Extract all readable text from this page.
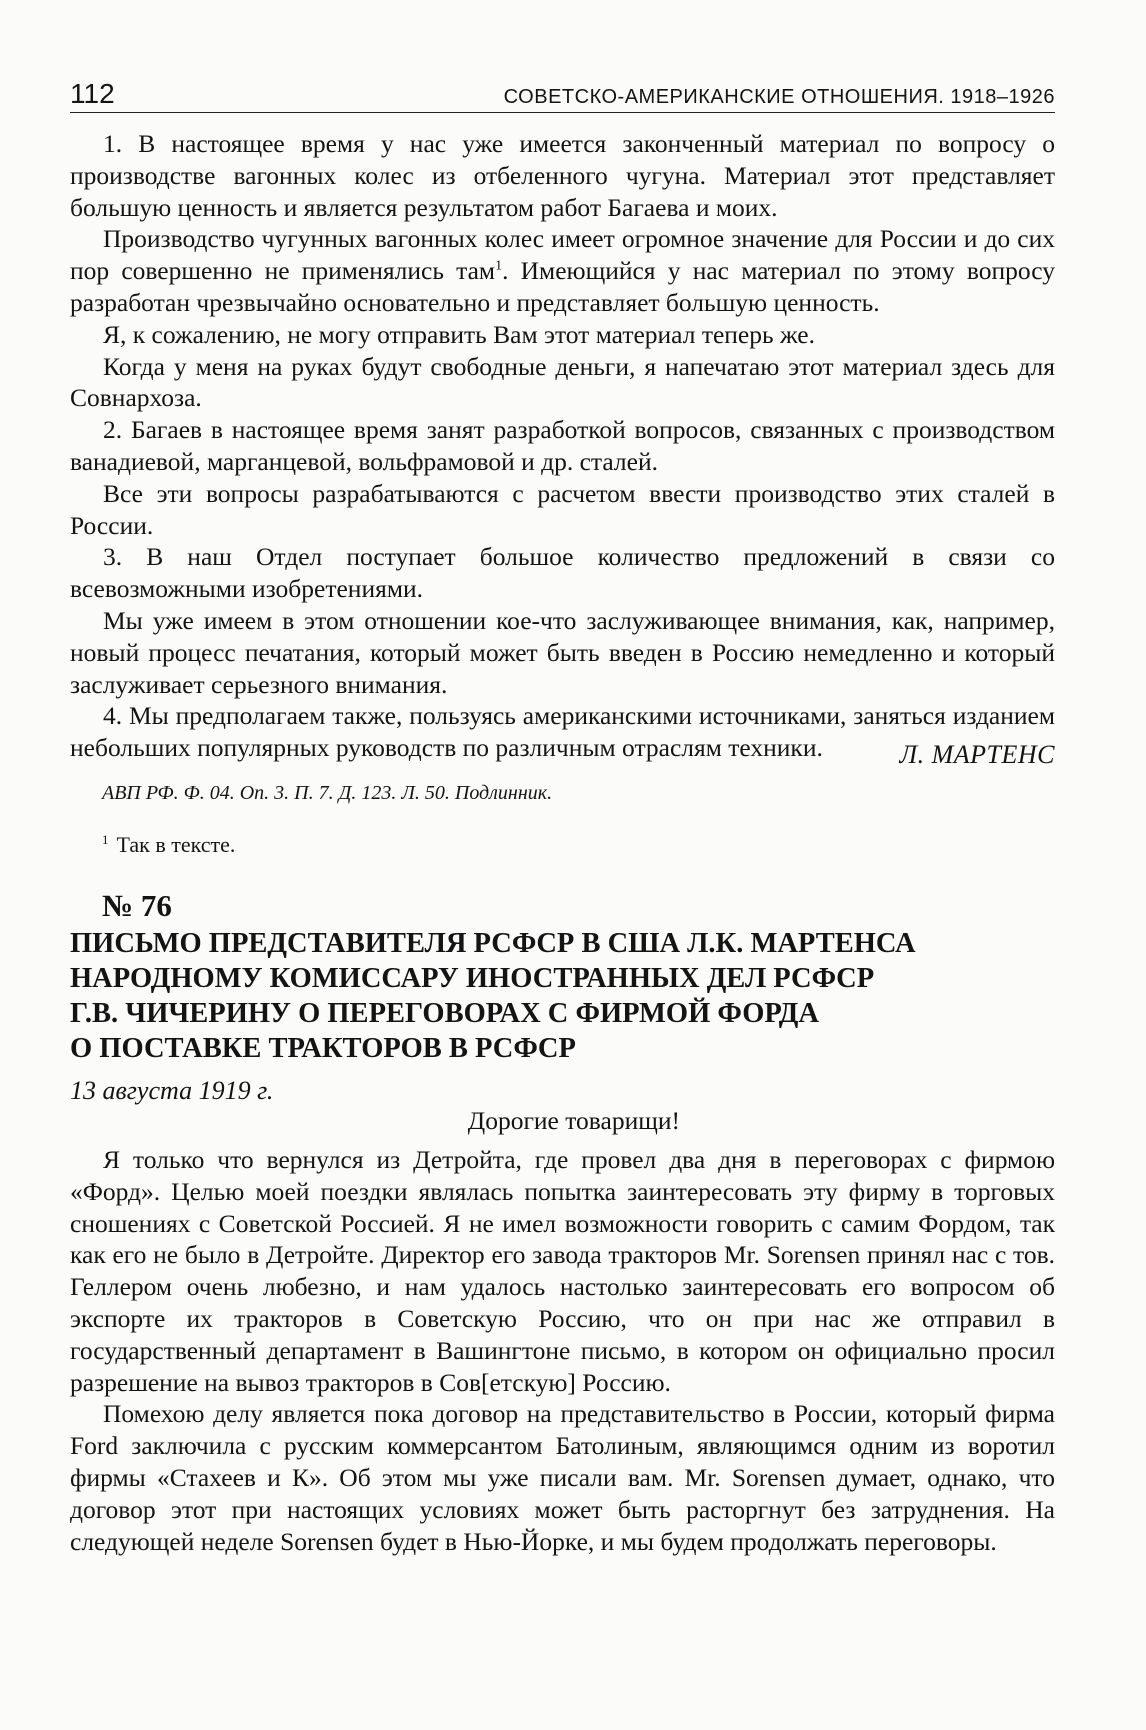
112	СОВЕТСКО-АМЕРИКАНСКИЕ ОТНОШЕНИЯ. 1918–1926

1. В настоящее время у нас уже имеется законченный материал по вопросу о производстве вагонных колес из отбеленного чугуна. Материал этот представляет большую ценность и является результатом работ Багаева и моих.

Производство чугунных вагонных колес имеет огромное значение для России и до сих пор совершенно не применялись там$^1$. Имеющийся у нас материал по этому вопросу разработан чрезвычайно основательно и представляет большую ценность.

Я, к сожалению, не могу отправить Вам этот материал теперь же.

Когда у меня на руках будут свободные деньги, я напечатаю этот материал здесь для Совнархоза.

2. Багаев в настоящее время занят разработкой вопросов, связанных с производством ванадиевой, марганцевой, вольфрамовой и др. сталей.

Все эти вопросы разрабатываются с расчетом ввести производство этих сталей в России.

3. В наш Отдел поступает большое количество предложений в связи со всевозможными изобретениями.

Мы уже имеем в этом отношении кое-что заслуживающее внимания, как, например, новый процесс печатания, который может быть введен в Россию немедленно и который заслуживает серьезного внимания.

4. Мы предполагаем также, пользуясь американскими источниками, заняться изданием небольших популярных руководств по различным отраслям техники.	Л. МАРТЕНС
АВП РФ. Ф. 04. Оп. 3. П. 7. Д. 123. Л. 50. Подлинник.
$^1$ Так в тексте.
№ 76
ПИСЬМО ПРЕДСТАВИТЕЛЯ РСФСР В США Л.К. МАРТЕНСА
НАРОДНОМУ КОМИССАРУ ИНОСТРАННЫХ ДЕЛ РСФСР
Г.В. ЧИЧЕРИНУ О ПЕРЕГОВОРАХ С ФИРМОЙ ФОРДА
О ПОСТАВКЕ ТРАКТОРОВ В РСФСР
13 августа 1919 г.
Дорогие товарищи!

Я только что вернулся из Детройта, где провел два дня в переговорах с фирмою «Форд». Целью моей поездки являлась попытка заинтересовать эту фирму в торговых сношениях с Советской Россией. Я не имел возможности говорить с самим Фордом, так как его не было в Детройте. Директор его завода тракторов Mr. Sorensen принял нас с тов. Геллером очень любезно, и нам удалось настолько заинтересовать его вопросом об экспорте их тракторов в Советскую Россию, что он при нас же отправил в государственный департамент в Вашингтоне письмо, в котором он официально просил разрешение на вывоз тракторов в Сов[етскую] Россию.

Помехою делу является пока договор на представительство в России, который фирма Ford заключила с русским коммерсантом Батолиным, являющимся одним из воротил фирмы «Стахеев и К». Об этом мы уже писали вам. Mr. Sorensen думает, однако, что договор этот при настоящих условиях может быть расторгнут без затруднения. На следующей неделе Sorensen будет в Нью-Йорке, и мы будем продолжать переговоры.
